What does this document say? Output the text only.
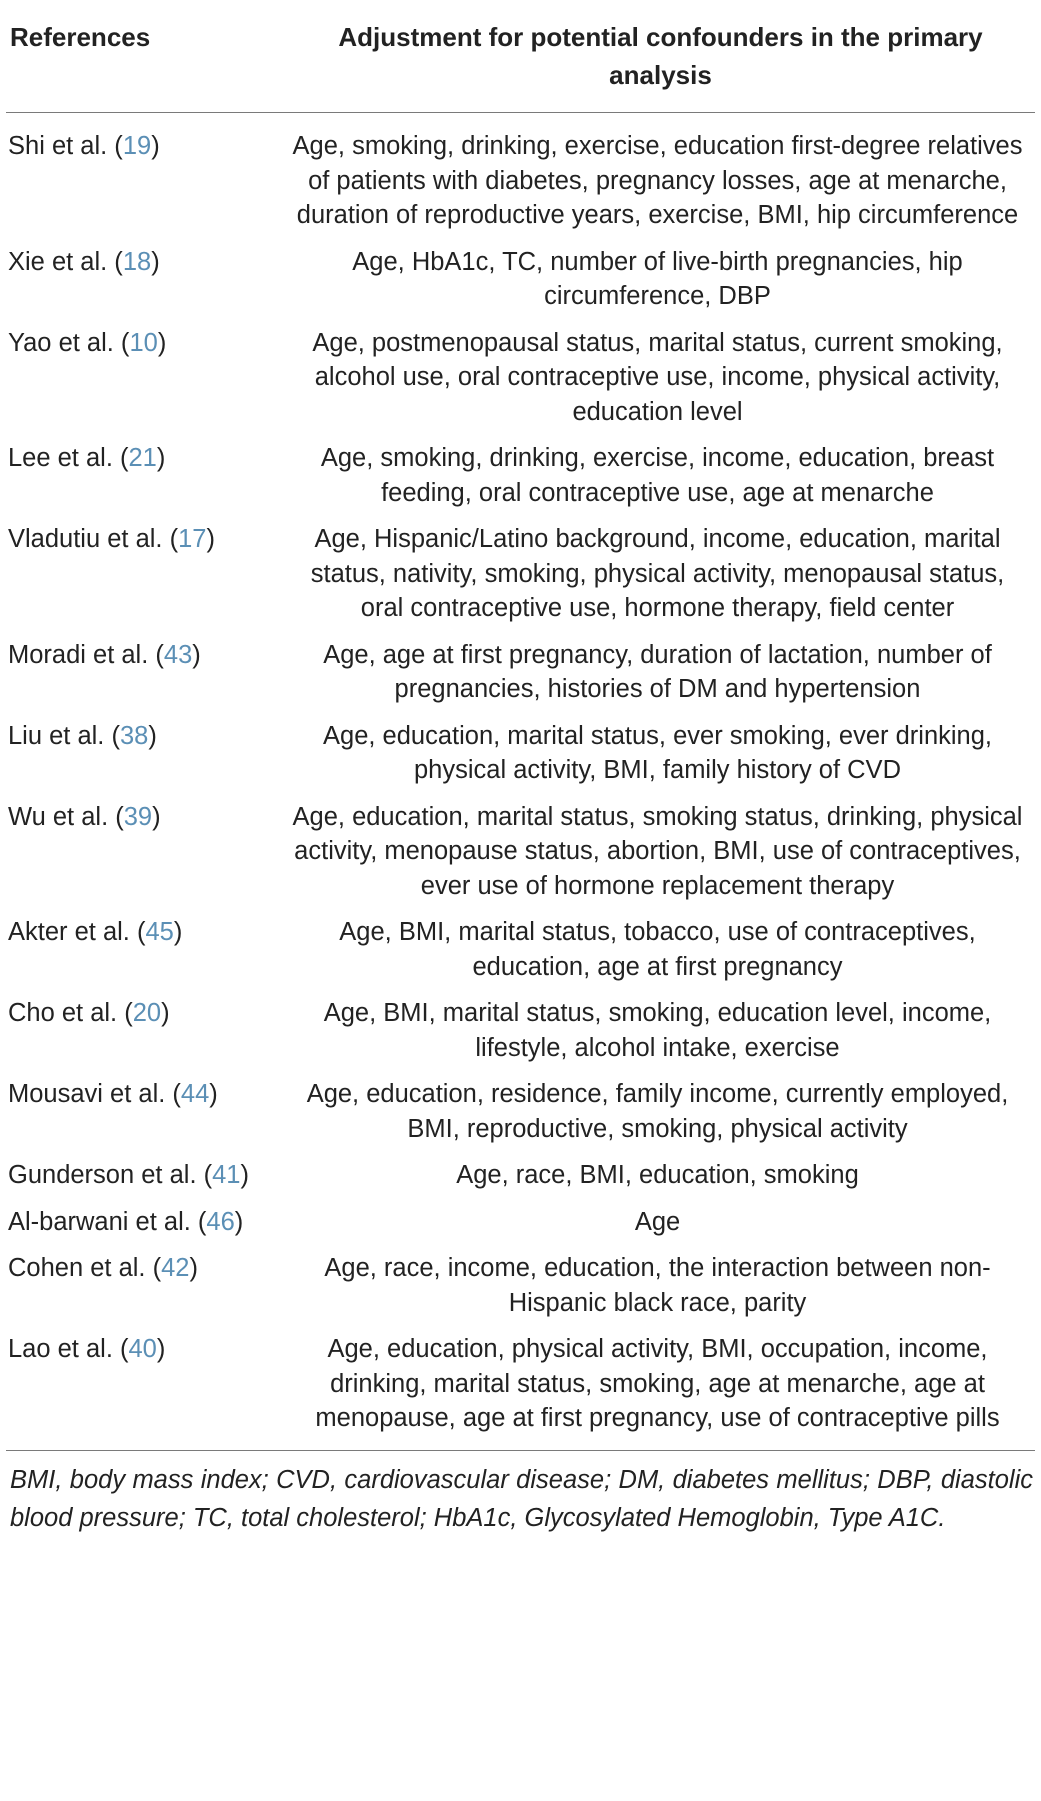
References	Adjustment for potential confounders in the primary analysis
Shi et al. (19)	Age, smoking, drinking, exercise, education first-degree relatives of patients with diabetes, pregnancy losses, age at menarche, duration of reproductive years, exercise, BMI, hip circumference
Xie et al. (18)	Age, HbA1c, TC, number of live-birth pregnancies, hip circumference, DBP
Yao et al. (10)	Age, postmenopausal status, marital status, current smoking, alcohol use, oral contraceptive use, income, physical activity, education level
Lee et al. (21)	Age, smoking, drinking, exercise, income, education, breast feeding, oral contraceptive use, age at menarche
Vladutiu et al. (17)	Age, Hispanic/Latino background, income, education, marital status, nativity, smoking, physical activity, menopausal status, oral contraceptive use, hormone therapy, field center
Moradi et al. (43)	Age, age at first pregnancy, duration of lactation, number of pregnancies, histories of DM and hypertension
Liu et al. (38)	Age, education, marital status, ever smoking, ever drinking, physical activity, BMI, family history of CVD
Wu et al. (39)	Age, education, marital status, smoking status, drinking, physical activity, menopause status, abortion, BMI, use of contraceptives, ever use of hormone replacement therapy
Akter et al. (45)	Age, BMI, marital status, tobacco, use of contraceptives, education, age at first pregnancy
Cho et al. (20)	Age, BMI, marital status, smoking, education level, income, lifestyle, alcohol intake, exercise
Mousavi et al. (44)	Age, education, residence, family income, currently employed, BMI, reproductive, smoking, physical activity
Gunderson et al. (41)	Age, race, BMI, education, smoking
Al-barwani et al. (46)	Age
Cohen et al. (42)	Age, race, income, education, the interaction between non-Hispanic black race, parity
Lao et al. (40)	Age, education, physical activity, BMI, occupation, income, drinking, marital status, smoking, age at menarche, age at menopause, age at first pregnancy, use of contraceptive pills
BMI, body mass index; CVD, cardiovascular disease; DM, diabetes mellitus; DBP, diastolic blood pressure; TC, total cholesterol; HbA1c, Glycosylated Hemoglobin, Type A1C.
